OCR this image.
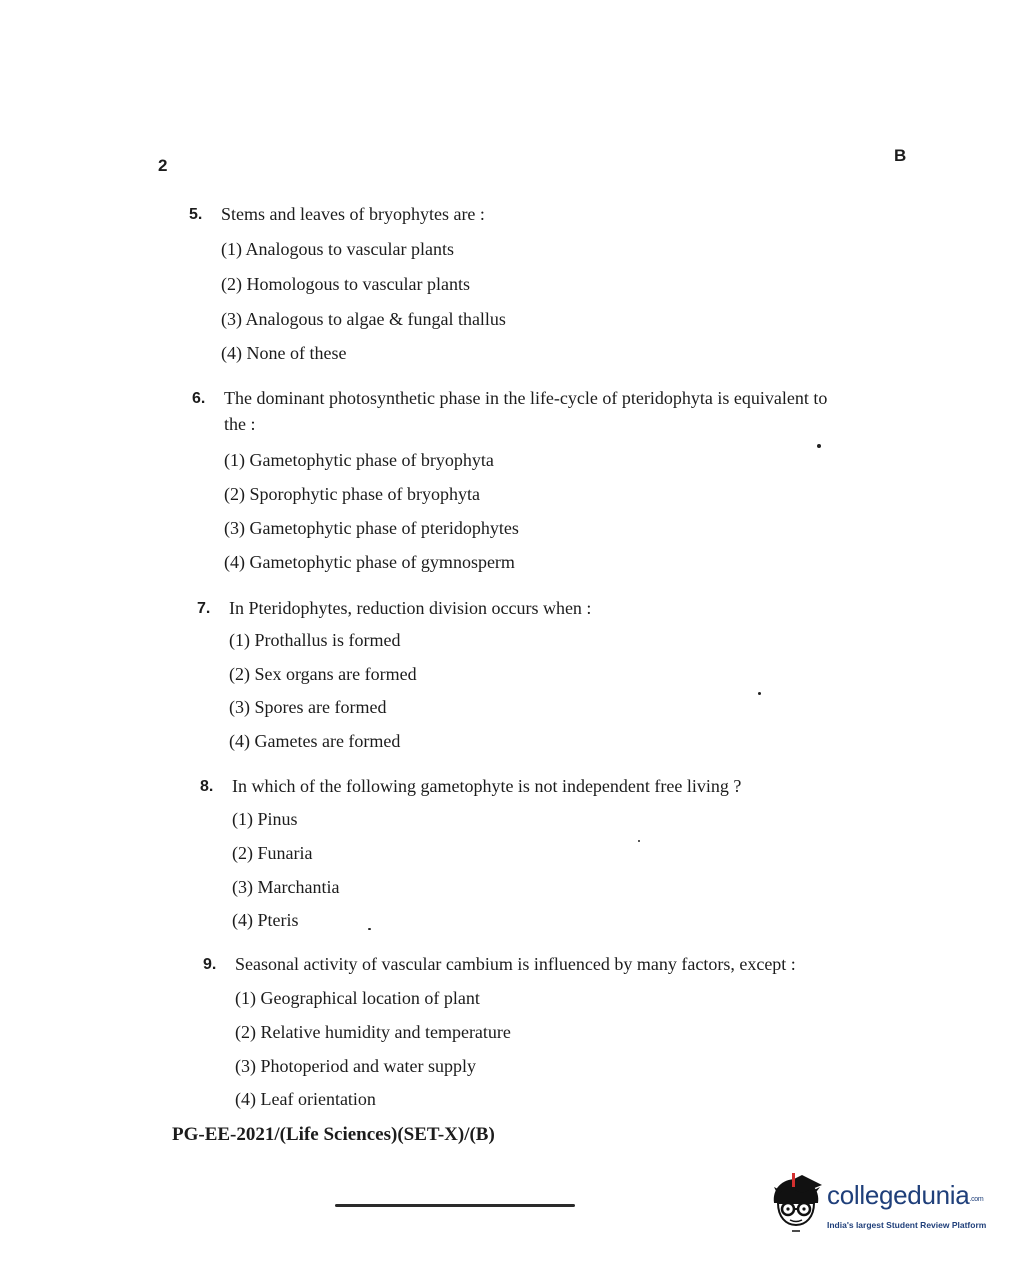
2
B
5. Stems and leaves of bryophytes are :
(1) Analogous to vascular plants
(2) Homologous to vascular plants
(3) Analogous to algae & fungal thallus
(4) None of these
6. The dominant photosynthetic phase in the life-cycle of pteridophyta is equivalent to
the :
(1) Gametophytic phase of bryophyta
(2) Sporophytic phase of bryophyta
(3) Gametophytic phase of pteridophytes
(4) Gametophytic phase of gymnosperm
7. In Pteridophytes, reduction division occurs when :
(1) Prothallus is formed
(2) Sex organs are formed
(3) Spores are formed
(4) Gametes are formed
8. In which of the following gametophyte is not independent free living ?
(1) Pinus
(2) Funaria
(3) Marchantia
(4) Pteris
9. Seasonal activity of vascular cambium is influenced by many factors, except :
(1) Geographical location of plant
(2) Relative humidity and temperature
(3) Photoperiod and water supply
(4) Leaf orientation
PG-EE-2021/(Life Sciences)(SET-X)/(B)
collegedunia.com
India's largest Student Review Platform
